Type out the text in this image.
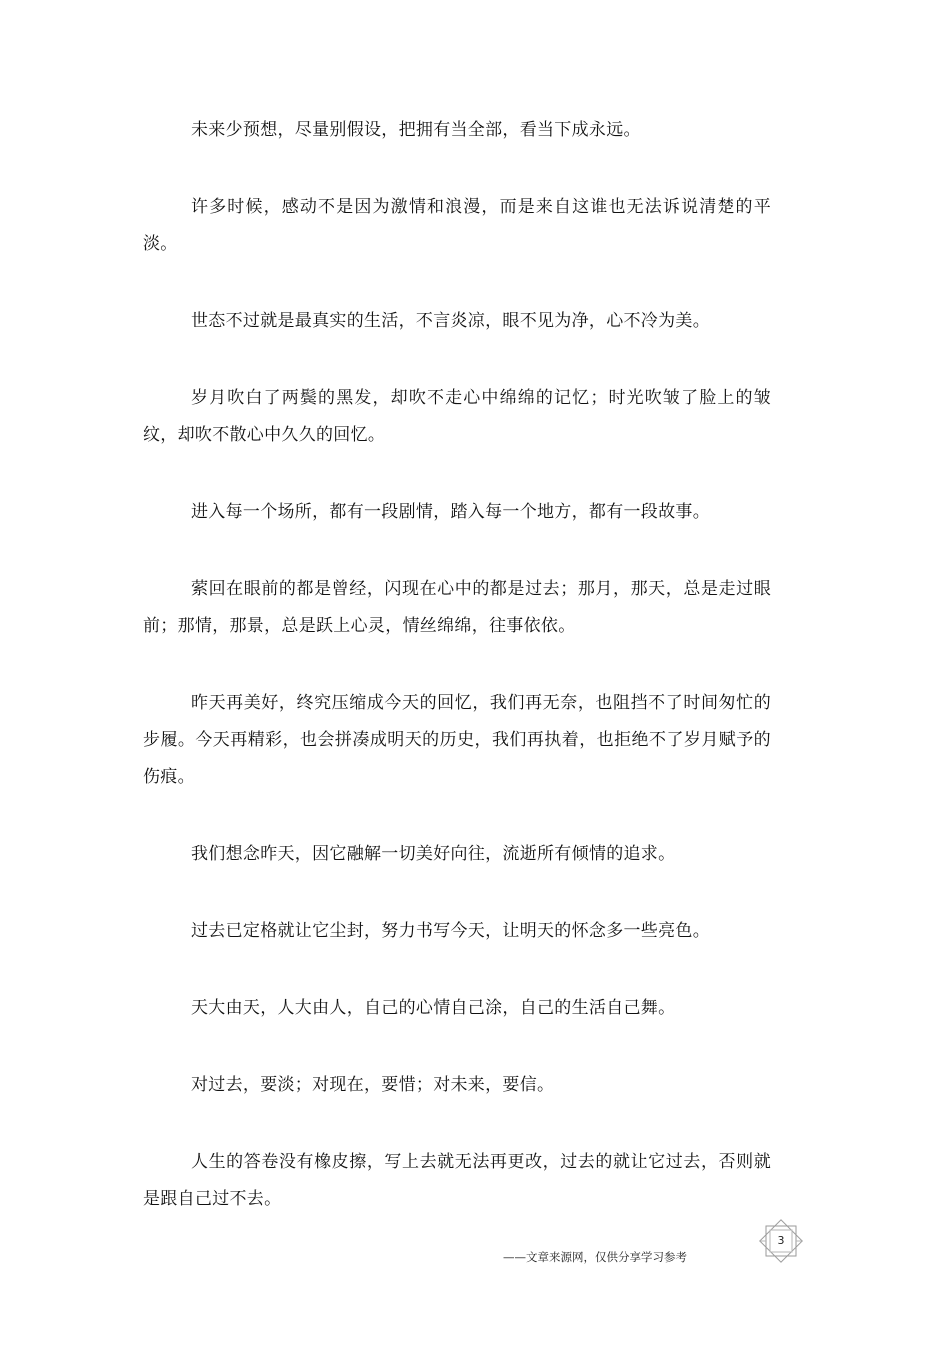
未来少预想，尽量别假设，把拥有当全部，看当下成永远。

许多时候，感动不是因为激情和浪漫，而是来自这谁也无法诉说清楚的平淡。

世态不过就是最真实的生活，不言炎凉，眼不见为净，心不冷为美。

岁月吹白了两鬓的黑发，却吹不走心中绵绵的记忆；时光吹皱了脸上的皱纹，却吹不散心中久久的回忆。

进入每一个场所，都有一段剧情，踏入每一个地方，都有一段故事。

萦回在眼前的都是曾经，闪现在心中的都是过去；那月，那天，总是走过眼前；那情，那景，总是跃上心灵，情丝绵绵，往事依依。

昨天再美好，终究压缩成今天的回忆，我们再无奈，也阻挡不了时间匆忙的步履。今天再精彩，也会拼凑成明天的历史，我们再执着，也拒绝不了岁月赋予的伤痕。

我们想念昨天，因它融解一切美好向往，流逝所有倾情的追求。

过去已定格就让它尘封，努力书写今天，让明天的怀念多一些亮色。

天大由天，人大由人，自己的心情自己涂，自己的生活自己舞。

对过去，要淡；对现在，要惜；对未来，要信。

人生的答卷没有橡皮擦，写上去就无法再更改，过去的就让它过去，否则就是跟自己过不去。

3
——文章来源网，仅供分享学习参考
